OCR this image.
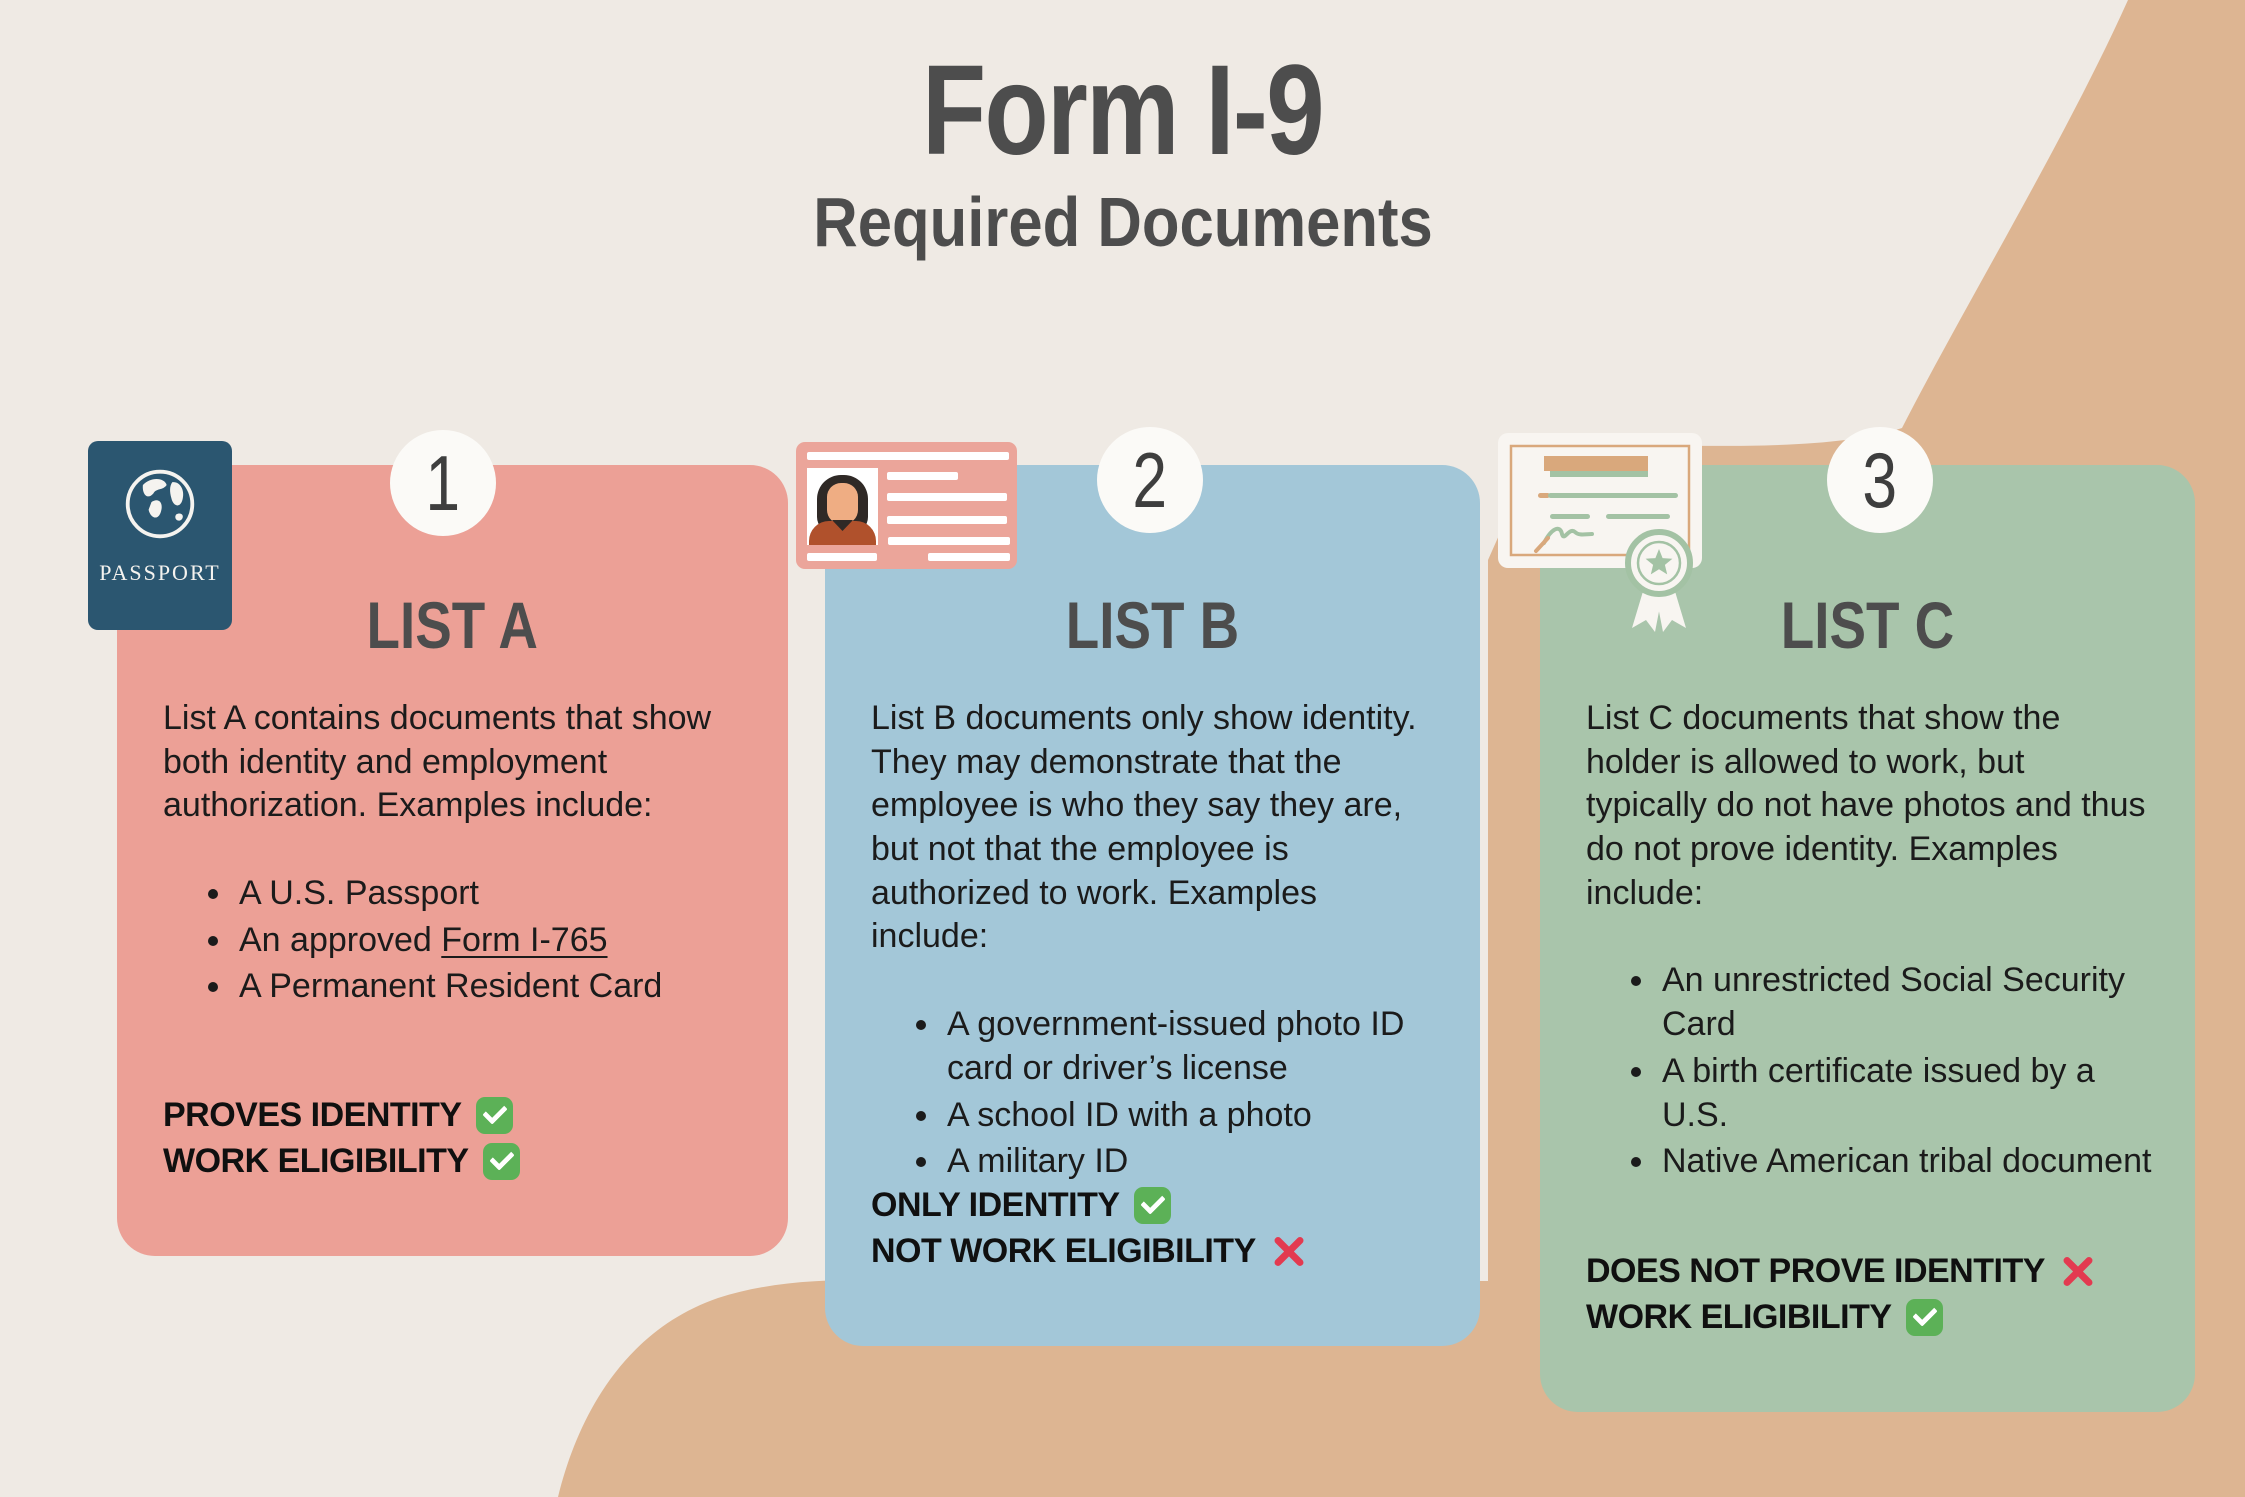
Form I-9
Required Documents
LIST A

List A contains documents that show both identity and employment authorization. Examples include:

• A U.S. Passport
• An approved Form I-765
• A Permanent Resident Card
PROVES IDENTITY
WORK ELIGIBILITY
LIST B

List B documents only show identity. They may demonstrate that the employee is who they say they are, but not that the employee is authorized to work. Examples include:

• A government-issued photo ID card or driver’s license
• A school ID with a photo
• A military ID
ONLY IDENTITY
NOT WORK ELIGIBILITY
LIST C

List C documents that show the holder is allowed to work, but typically do not have photos and thus do not prove identity. Examples include:

• An unrestricted Social Security Card
• A birth certificate issued by a U.S.
• Native American tribal document
DOES NOT PROVE IDENTITY
WORK ELIGIBILITY
1	2	3
PASSPORT
